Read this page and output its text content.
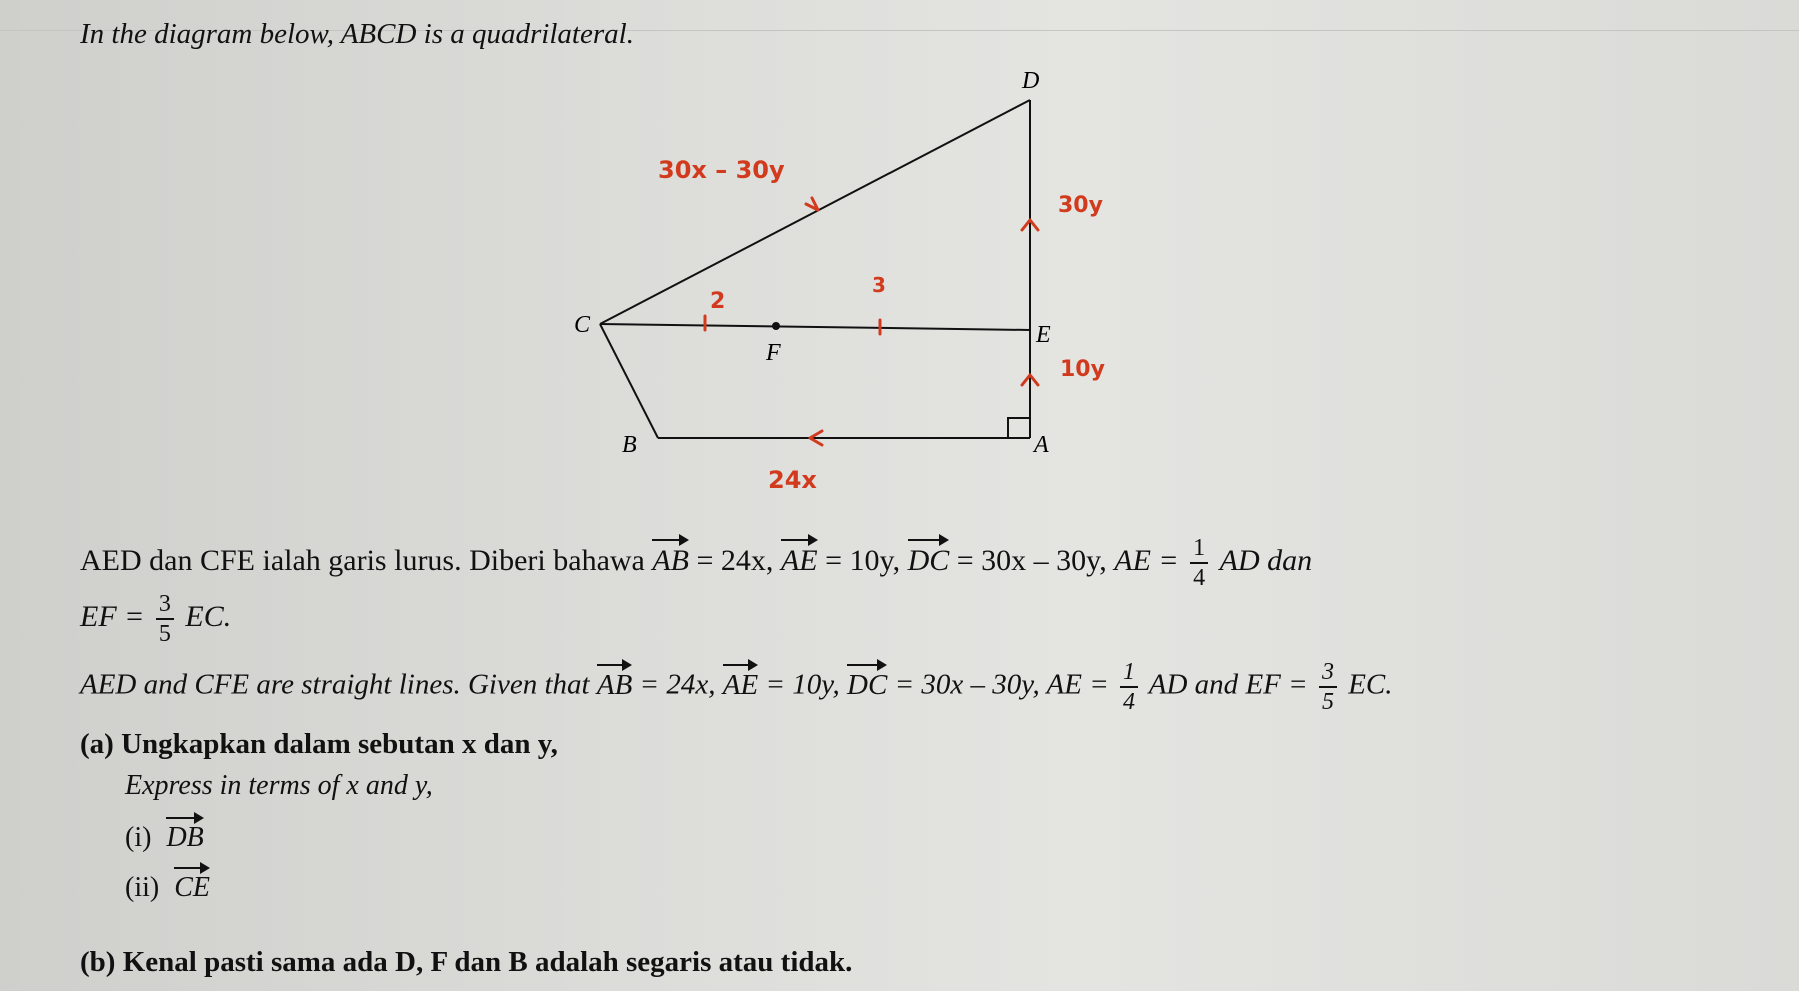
In the diagram below, ABCD is a quadrilateral.
D
C	E
F
B	A
30x – 30y
30y
10y
24x
2
3
AED dan CFE ialah garis lurus. Diberi bahawa AB = 24x, AE = 10y, DC = 30x – 30y, AE = $\frac{1}{4}$ AD dan
EF = $\frac{3}{5}$ EC.
AED and CFE are straight lines. Given that AB = 24x, AE = 10y, DC = 30x – 30y, AE = $\frac{1}{4}$ AD and EF = $\frac{3}{5}$ EC.
(a) Ungkapkan dalam sebutan x dan y,
Express in terms of x and y,
(i) DB
(ii) CE
(b) Kenal pasti sama ada D, F dan B adalah segaris atau tidak.
